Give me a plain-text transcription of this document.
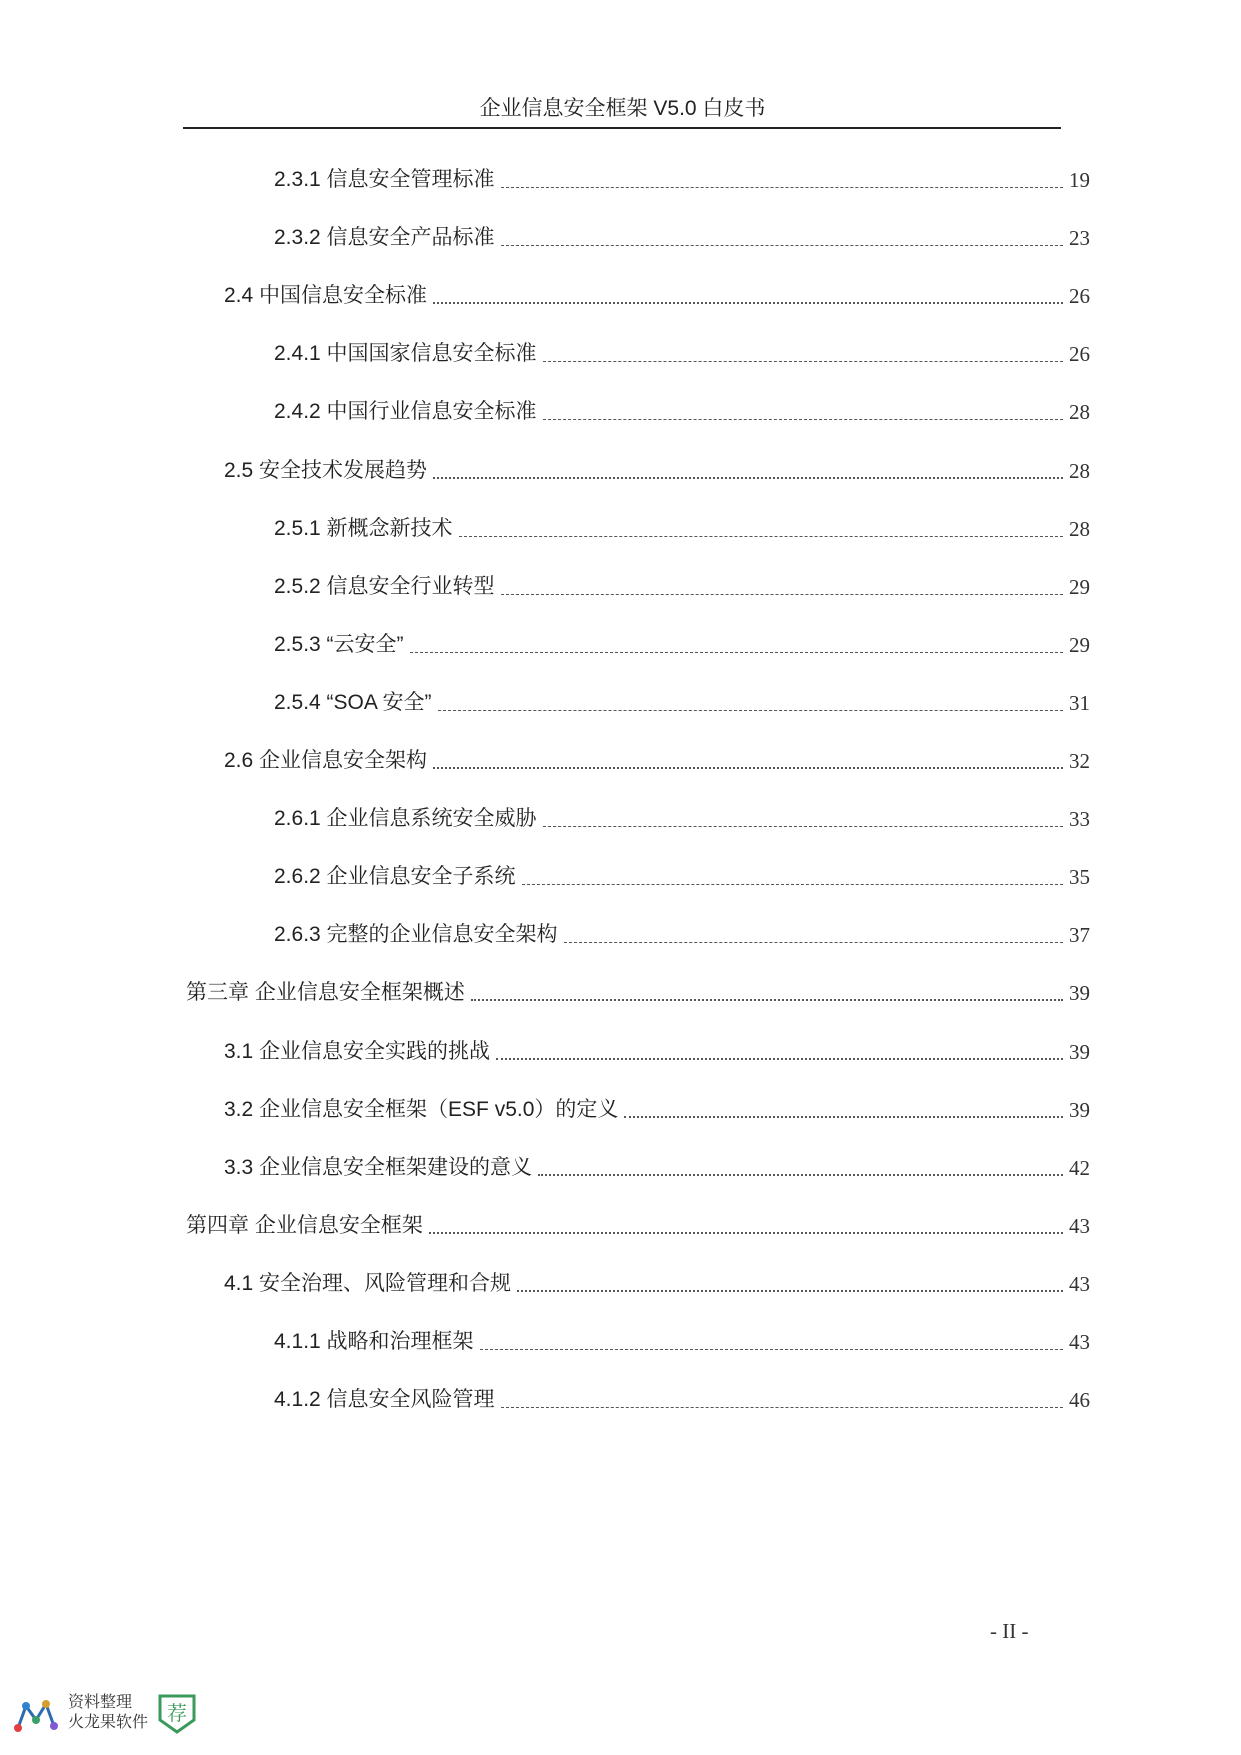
企业信息安全框架 V5.0 白皮书
2.3.1 信息安全管理标准	19
2.3.2 信息安全产品标准	23
2.4 中国信息安全标准	26
2.4.1 中国国家信息安全标准	26
2.4.2 中国行业信息安全标准	28
2.5 安全技术发展趋势	28
2.5.1 新概念新技术	28
2.5.2 信息安全行业转型	29
2.5.3 “云安全”	29
2.5.4 “SOA 安全”	31
2.6 企业信息安全架构	32
2.6.1 企业信息系统安全威胁	33
2.6.2 企业信息安全子系统	35
2.6.3 完整的企业信息安全架构	37
第三章 企业信息安全框架概述	39
3.1 企业信息安全实践的挑战	39
3.2 企业信息安全框架（ESF v5.0）的定义	39
3.3 企业信息安全框架建设的意义	42
第四章 企业信息安全框架	43
4.1 安全治理、风险管理和合规	43
4.1.1 战略和治理框架	43
4.1.2 信息安全风险管理	46
- II -
资料整理
火龙果软件 荐
